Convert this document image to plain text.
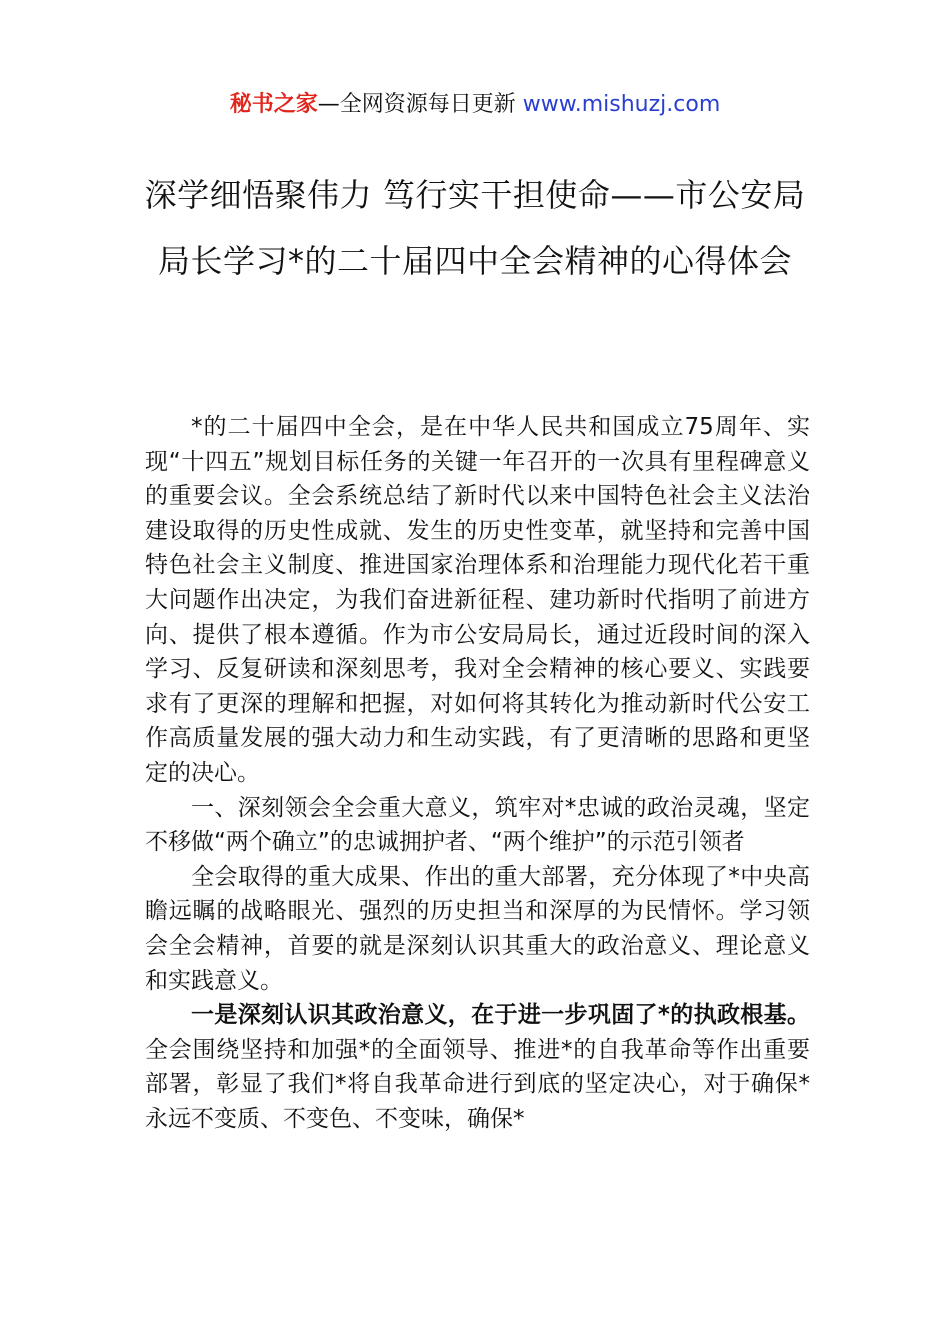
秘书之家—全网资源每日更新 www.mishuzj.com
深学细悟聚伟力 笃行实干担使命——市公安局局长学习*的二十届四中全会精神的心得体会

*的二十届四中全会，是在中华人民共和国成立75周年、实现“十四五”规划目标任务的关键一年召开的一次具有里程碑意义的重要会议。全会系统总结了新时代以来中国特色社会主义法治建设取得的历史性成就、发生的历史性变革，就坚持和完善中国特色社会主义制度、推进国家治理体系和治理能力现代化若干重大问题作出决定，为我们奋进新征程、建功新时代指明了前进方向、提供了根本遵循。作为市公安局局长，通过近段时间的深入学习、反复研读和深刻思考，我对全会精神的核心要义、实践要求有了更深的理解和把握，对如何将其转化为推动新时代公安工作高质量发展的强大动力和生动实践，有了更清晰的思路和更坚定的决心。

一、深刻领会全会重大意义，筑牢对*忠诚的政治灵魂，坚定不移做“两个确立”的忠诚拥护者、“两个维护”的示范引领者

全会取得的重大成果、作出的重大部署，充分体现了*中央高瞻远瞩的战略眼光、强烈的历史担当和深厚的为民情怀。学习领会全会精神，首要的就是深刻认识其重大的政治意义、理论意义和实践意义。

一是深刻认识其政治意义，在于进一步巩固了*的执政根基。全会围绕坚持和加强*的全面领导、推进*的自我革命等作出重要部署，彰显了我们*将自我革命进行到底的坚定决心，对于确保*永远不变质、不变色、不变味，确保*
